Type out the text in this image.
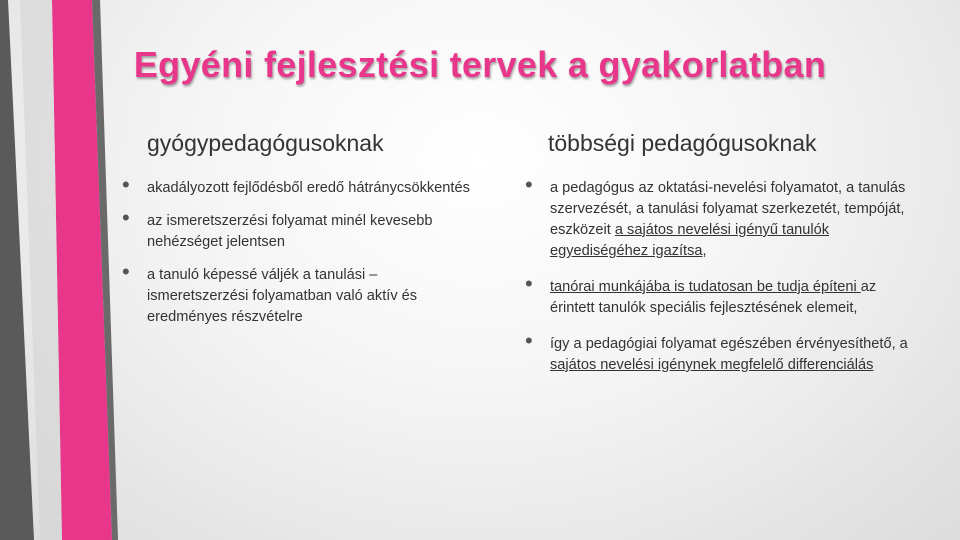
Egyéni fejlesztési tervek a gyakorlatban
gyógypedagógusoknak	többségi pedagógusoknak
• akadályozott fejlődésből eredő hátránycsökkentés
• az ismeretszerzési folyamat minél kevesebb nehézséget jelentsen
• a tanuló képessé váljék a tanulási – ismeretszerzési folyamatban való aktív és eredményes részvételre
• a pedagógus az oktatási-nevelési folyamatot, a tanulás szervezését, a tanulási folyamat szerkezetét, tempóját, eszközeit a sajátos nevelési igényű tanulók egyediségéhez igazítsa,
• tanórai munkájába is tudatosan be tudja építeni az érintett tanulók speciális fejlesztésének elemeit,
• így a pedagógiai folyamat egészében érvényesíthető, a sajátos nevelési igénynek megfelelő differenciálás
